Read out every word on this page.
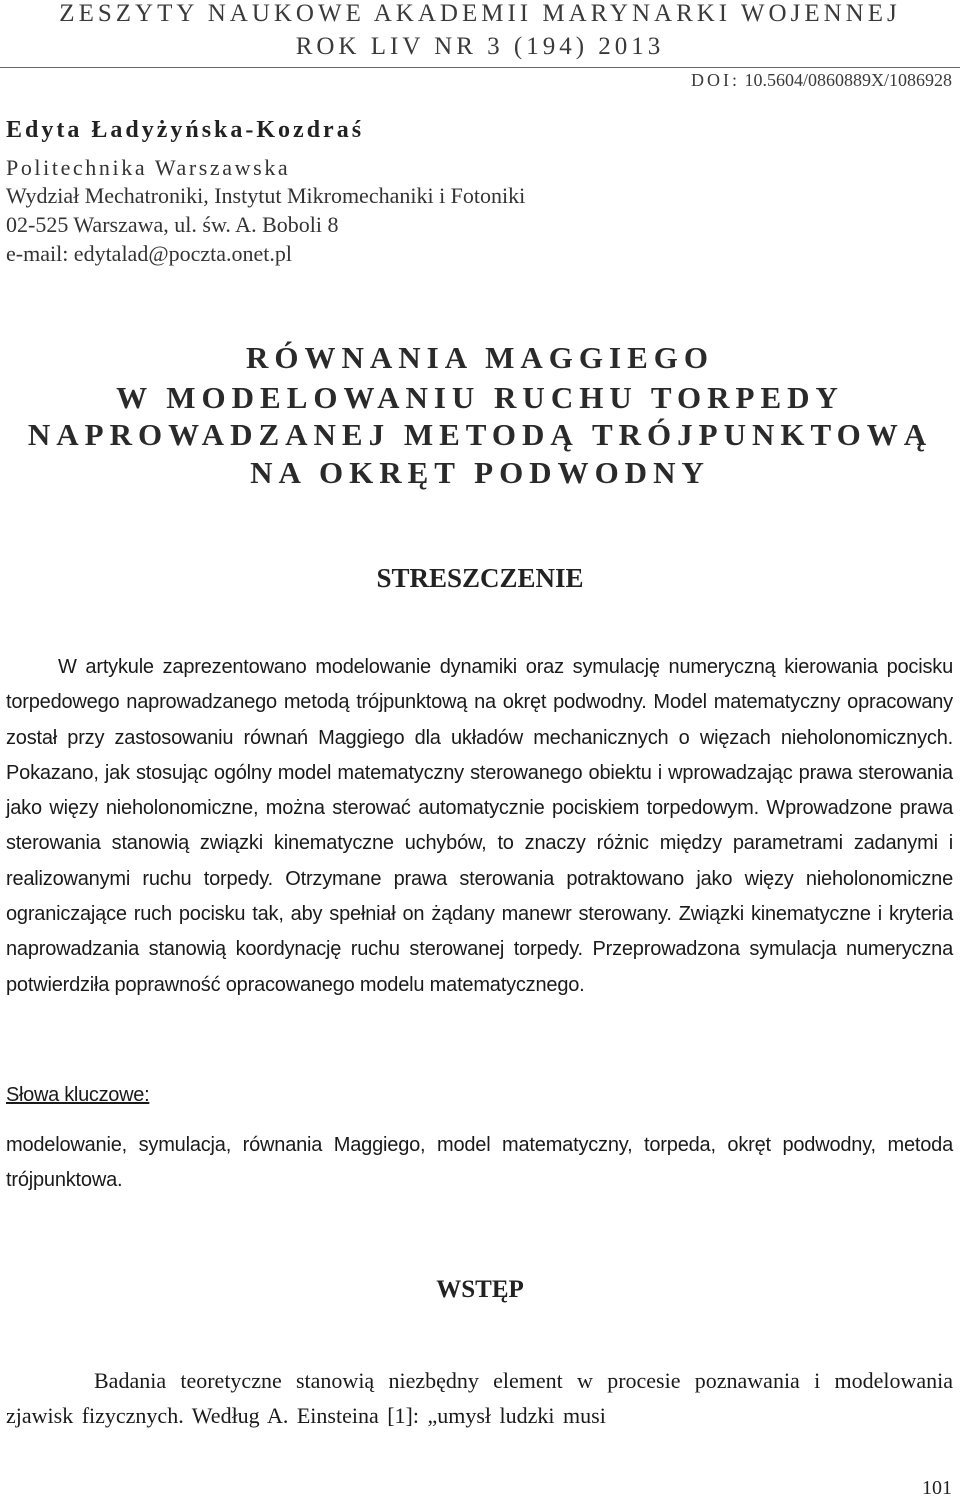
ZESZYTY NAUKOWE AKADEMII MARYNARKI WOJENNEJ
ROK LIV NR 3 (194) 2013
DOI: 10.5604/0860889X/1086928
Edyta Ładyżyńska-Kozdraś
Politechnika Warszawska
Wydział Mechatroniki, Instytut Mikromechaniki i Fotoniki
02-525 Warszawa, ul. św. A. Boboli 8
e-mail: edytalad@poczta.onet.pl
RÓWNANIA MAGGIEGO
W MODELOWANIU RUCHU TORPEDY
NAPROWADZANEJ METODĄ TRÓJPUNKTOWĄ
NA OKRĘT PODWODNY
STRESZCZENIE
W artykule zaprezentowano modelowanie dynamiki oraz symulację numeryczną kierowania pocisku torpedowego naprowadzanego metodą trójpunktową na okręt podwodny. Model matematyczny opracowany został przy zastosowaniu równań Maggiego dla układów mechanicznych o więzach nieholonomicznych. Pokazano, jak stosując ogólny model matematyczny sterowanego obiektu i wprowadzając prawa sterowania jako więzy nieholonomiczne, można sterować automatycznie pociskiem torpedowym. Wprowadzone prawa sterowania stanowią związki kinematyczne uchybów, to znaczy różnic między parametrami zadanymi i realizowanymi ruchu torpedy. Otrzymane prawa sterowania potraktowano jako więzy nieholonomiczne ograniczające ruch pocisku tak, aby spełniał on żądany manewr sterowany. Związki kinematyczne i kryteria naprowadzania stanowią koordynację ruchu sterowanej torpedy. Przeprowadzona symulacja numeryczna potwierdziła poprawność opracowanego modelu matematycznego.
Słowa kluczowe:
modelowanie, symulacja, równania Maggiego, model matematyczny, torpeda, okręt podwodny, metoda trójpunktowa.
WSTĘP
Badania teoretyczne stanowią niezbędny element w procesie poznawania i modelowania zjawisk fizycznych. Według A. Einsteina [1]: „umysł ludzki musi
101
